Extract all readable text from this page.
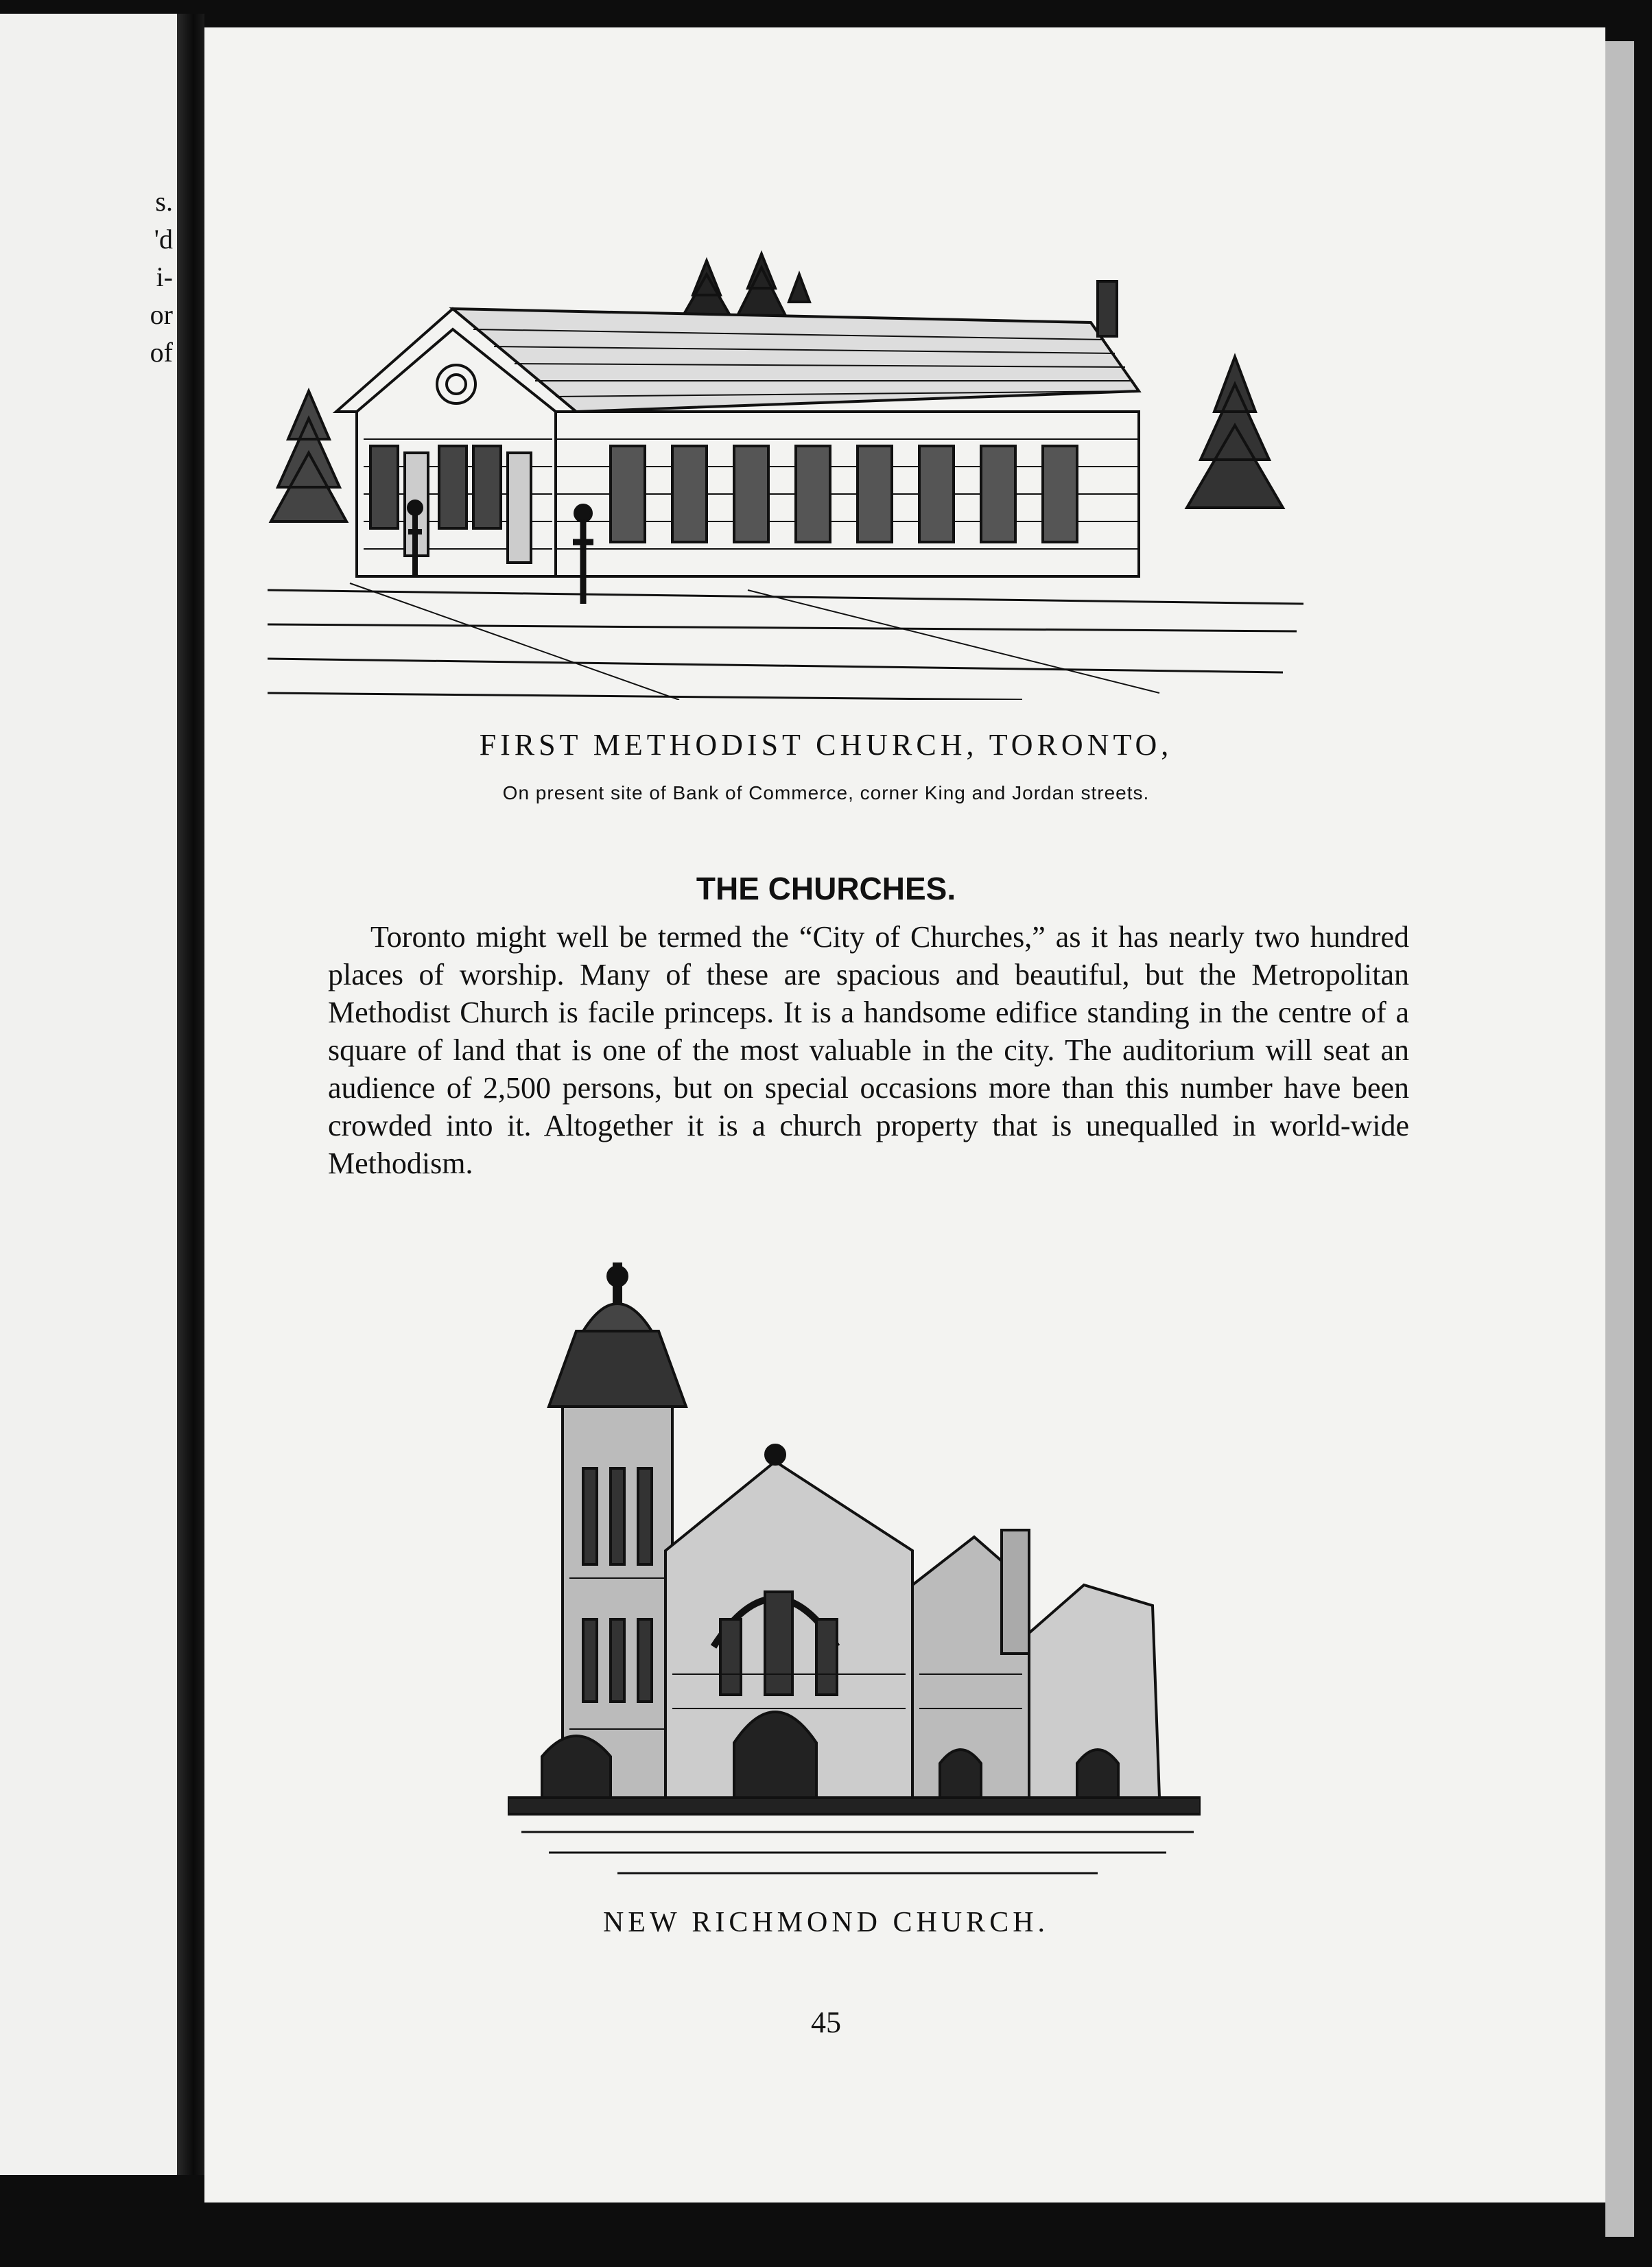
s.
'd
i-
or
of
FIRST METHODIST CHURCH, TORONTO,
On present site of Bank of Commerce, corner King and Jordan streets.
THE CHURCHES.
Toronto might well be termed the “City of Churches,” as it has nearly two hundred places of worship. Many of these are spacious and beautiful, but the Metropolitan Methodist Church is facile princeps. It is a handsome edifice standing in the centre of a square of land that is one of the most valuable in the city. The auditorium will seat an audience of 2,500 persons, but on special occasions more than this number have been crowded into it. Altogether it is a church property that is unequalled in world-wide Methodism.
NEW RICHMOND CHURCH.
45
